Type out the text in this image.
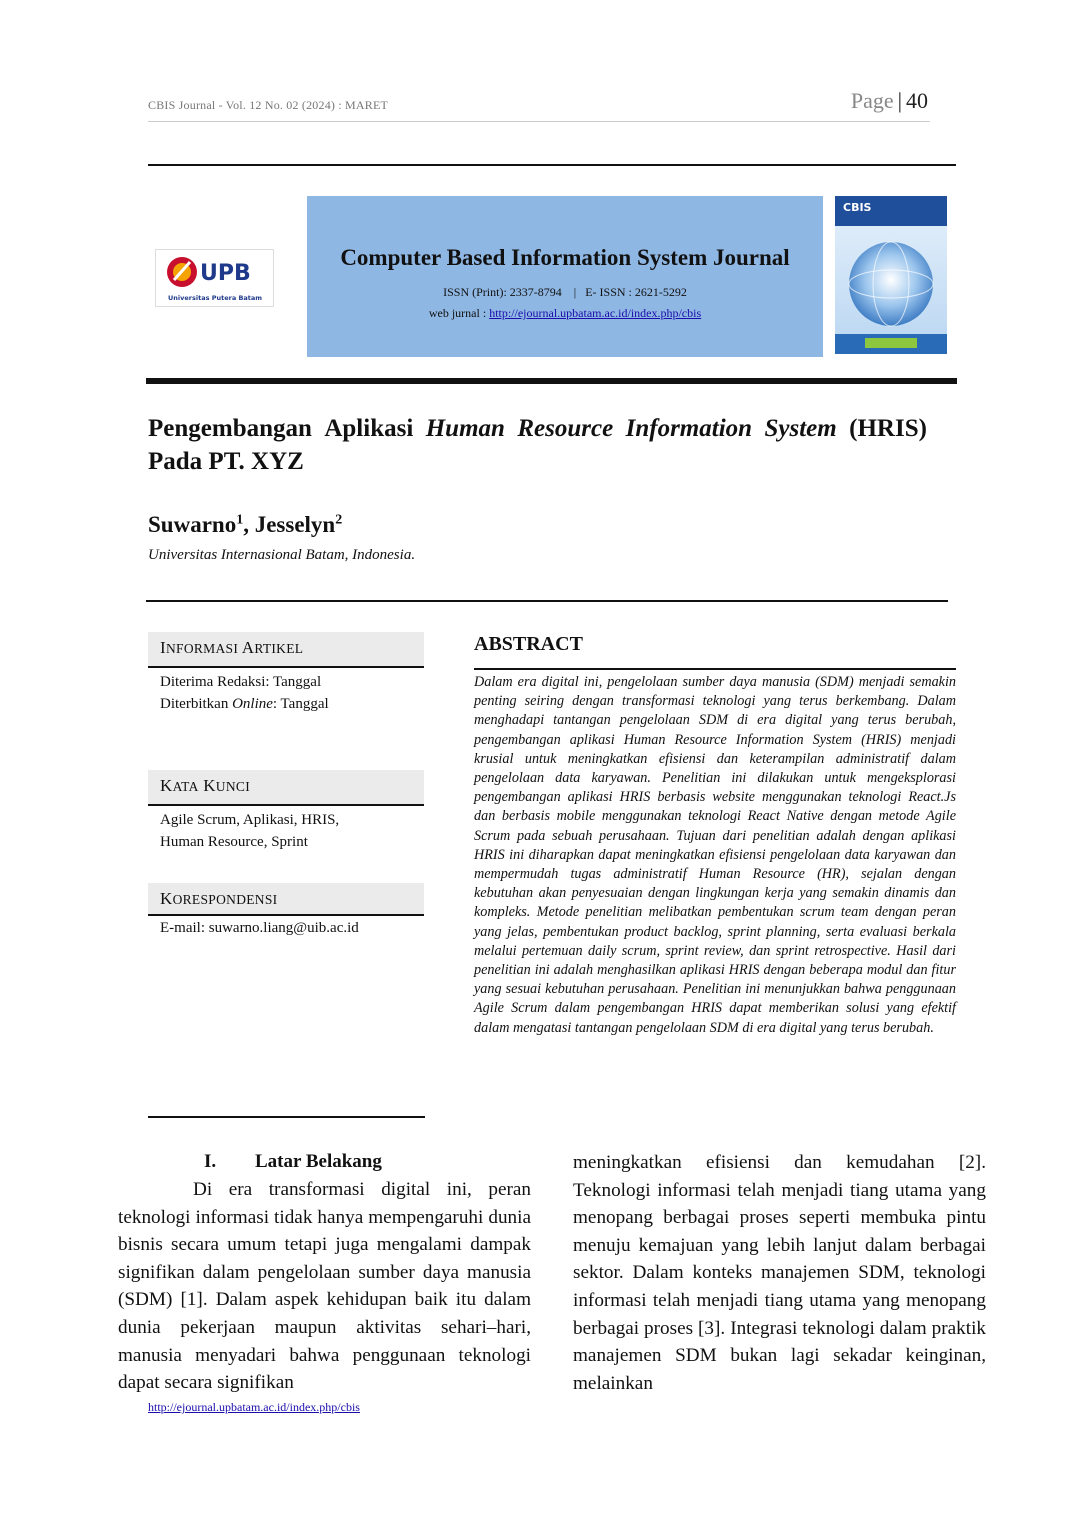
CBIS Journal - Vol. 12 No. 02 (2024) : MARET	Page | 40
UPB
Universitas Putera Batam
Computer Based Information System Journal
ISSN (Print): 2337-8794    |   E- ISSN : 2621-5292
web jurnal : http://ejournal.upbatam.ac.id/index.php/cbis
CBIS
Pengembangan Aplikasi Human Resource Information System (HRIS)
Pada PT. XYZ
Suwarno$^1$, Jesselyn$^2$
Universitas Internasional Batam, Indonesia.
INFORMASI ARTIKEL
Diterima Redaksi: Tanggal
Diterbitkan Online: Tanggal
KATA KUNCI
Agile Scrum, Aplikasi, HRIS,
Human Resource, Sprint
KORESPONDENSI
E-mail: suwarno.liang@uib.ac.id
ABSTRACT
Dalam era digital ini, pengelolaan sumber daya manusia (SDM) menjadi semakin penting seiring dengan transformasi teknologi yang terus berkembang. Dalam menghadapi tantangan pengelolaan SDM di era digital yang terus berubah, pengembangan aplikasi Human Resource Information System (HRIS) menjadi krusial untuk meningkatkan efisiensi dan keterampilan administratif dalam pengelolaan data karyawan. Penelitian ini dilakukan untuk mengeksplorasi pengembangan aplikasi HRIS berbasis website menggunakan teknologi React.Js dan berbasis mobile menggunakan teknologi React Native dengan metode Agile Scrum pada sebuah perusahaan. Tujuan dari penelitian adalah dengan aplikasi HRIS ini diharapkan dapat meningkatkan efisiensi pengelolaan data karyawan dan mempermudah tugas administratif Human Resource (HR), sejalan dengan kebutuhan akan penyesuaian dengan lingkungan kerja yang semakin dinamis dan kompleks. Metode penelitian melibatkan pembentukan scrum team dengan peran yang jelas, pembentukan product backlog, sprint planning, serta evaluasi berkala melalui pertemuan daily scrum, sprint review, dan sprint retrospective. Hasil dari penelitian ini adalah menghasilkan aplikasi HRIS dengan beberapa modul dan fitur yang sesuai kebutuhan perusahaan. Penelitian ini menunjukkan bahwa penggunaan Agile Scrum dalam pengembangan HRIS dapat memberikan solusi yang efektif dalam mengatasi tantangan pengelolaan SDM di era digital yang terus berubah.
I. Latar Belakang
Di era transformasi digital ini, peran teknologi informasi tidak hanya mempengaruhi dunia bisnis secara umum tetapi juga mengalami dampak signifikan dalam pengelolaan sumber daya manusia (SDM) [1]. Dalam aspek kehidupan baik itu dalam dunia pekerjaan maupun aktivitas sehari–hari, manusia menyadari bahwa penggunaan teknologi dapat secara signifikan
meningkatkan efisiensi dan kemudahan [2]. Teknologi informasi telah menjadi tiang utama yang menopang berbagai proses seperti membuka pintu menuju kemajuan yang lebih lanjut dalam berbagai sektor. Dalam konteks manajemen SDM, teknologi informasi telah menjadi tiang utama yang menopang berbagai proses [3]. Integrasi teknologi dalam praktik manajemen SDM bukan lagi sekadar keinginan, melainkan
http://ejournal.upbatam.ac.id/index.php/cbis
